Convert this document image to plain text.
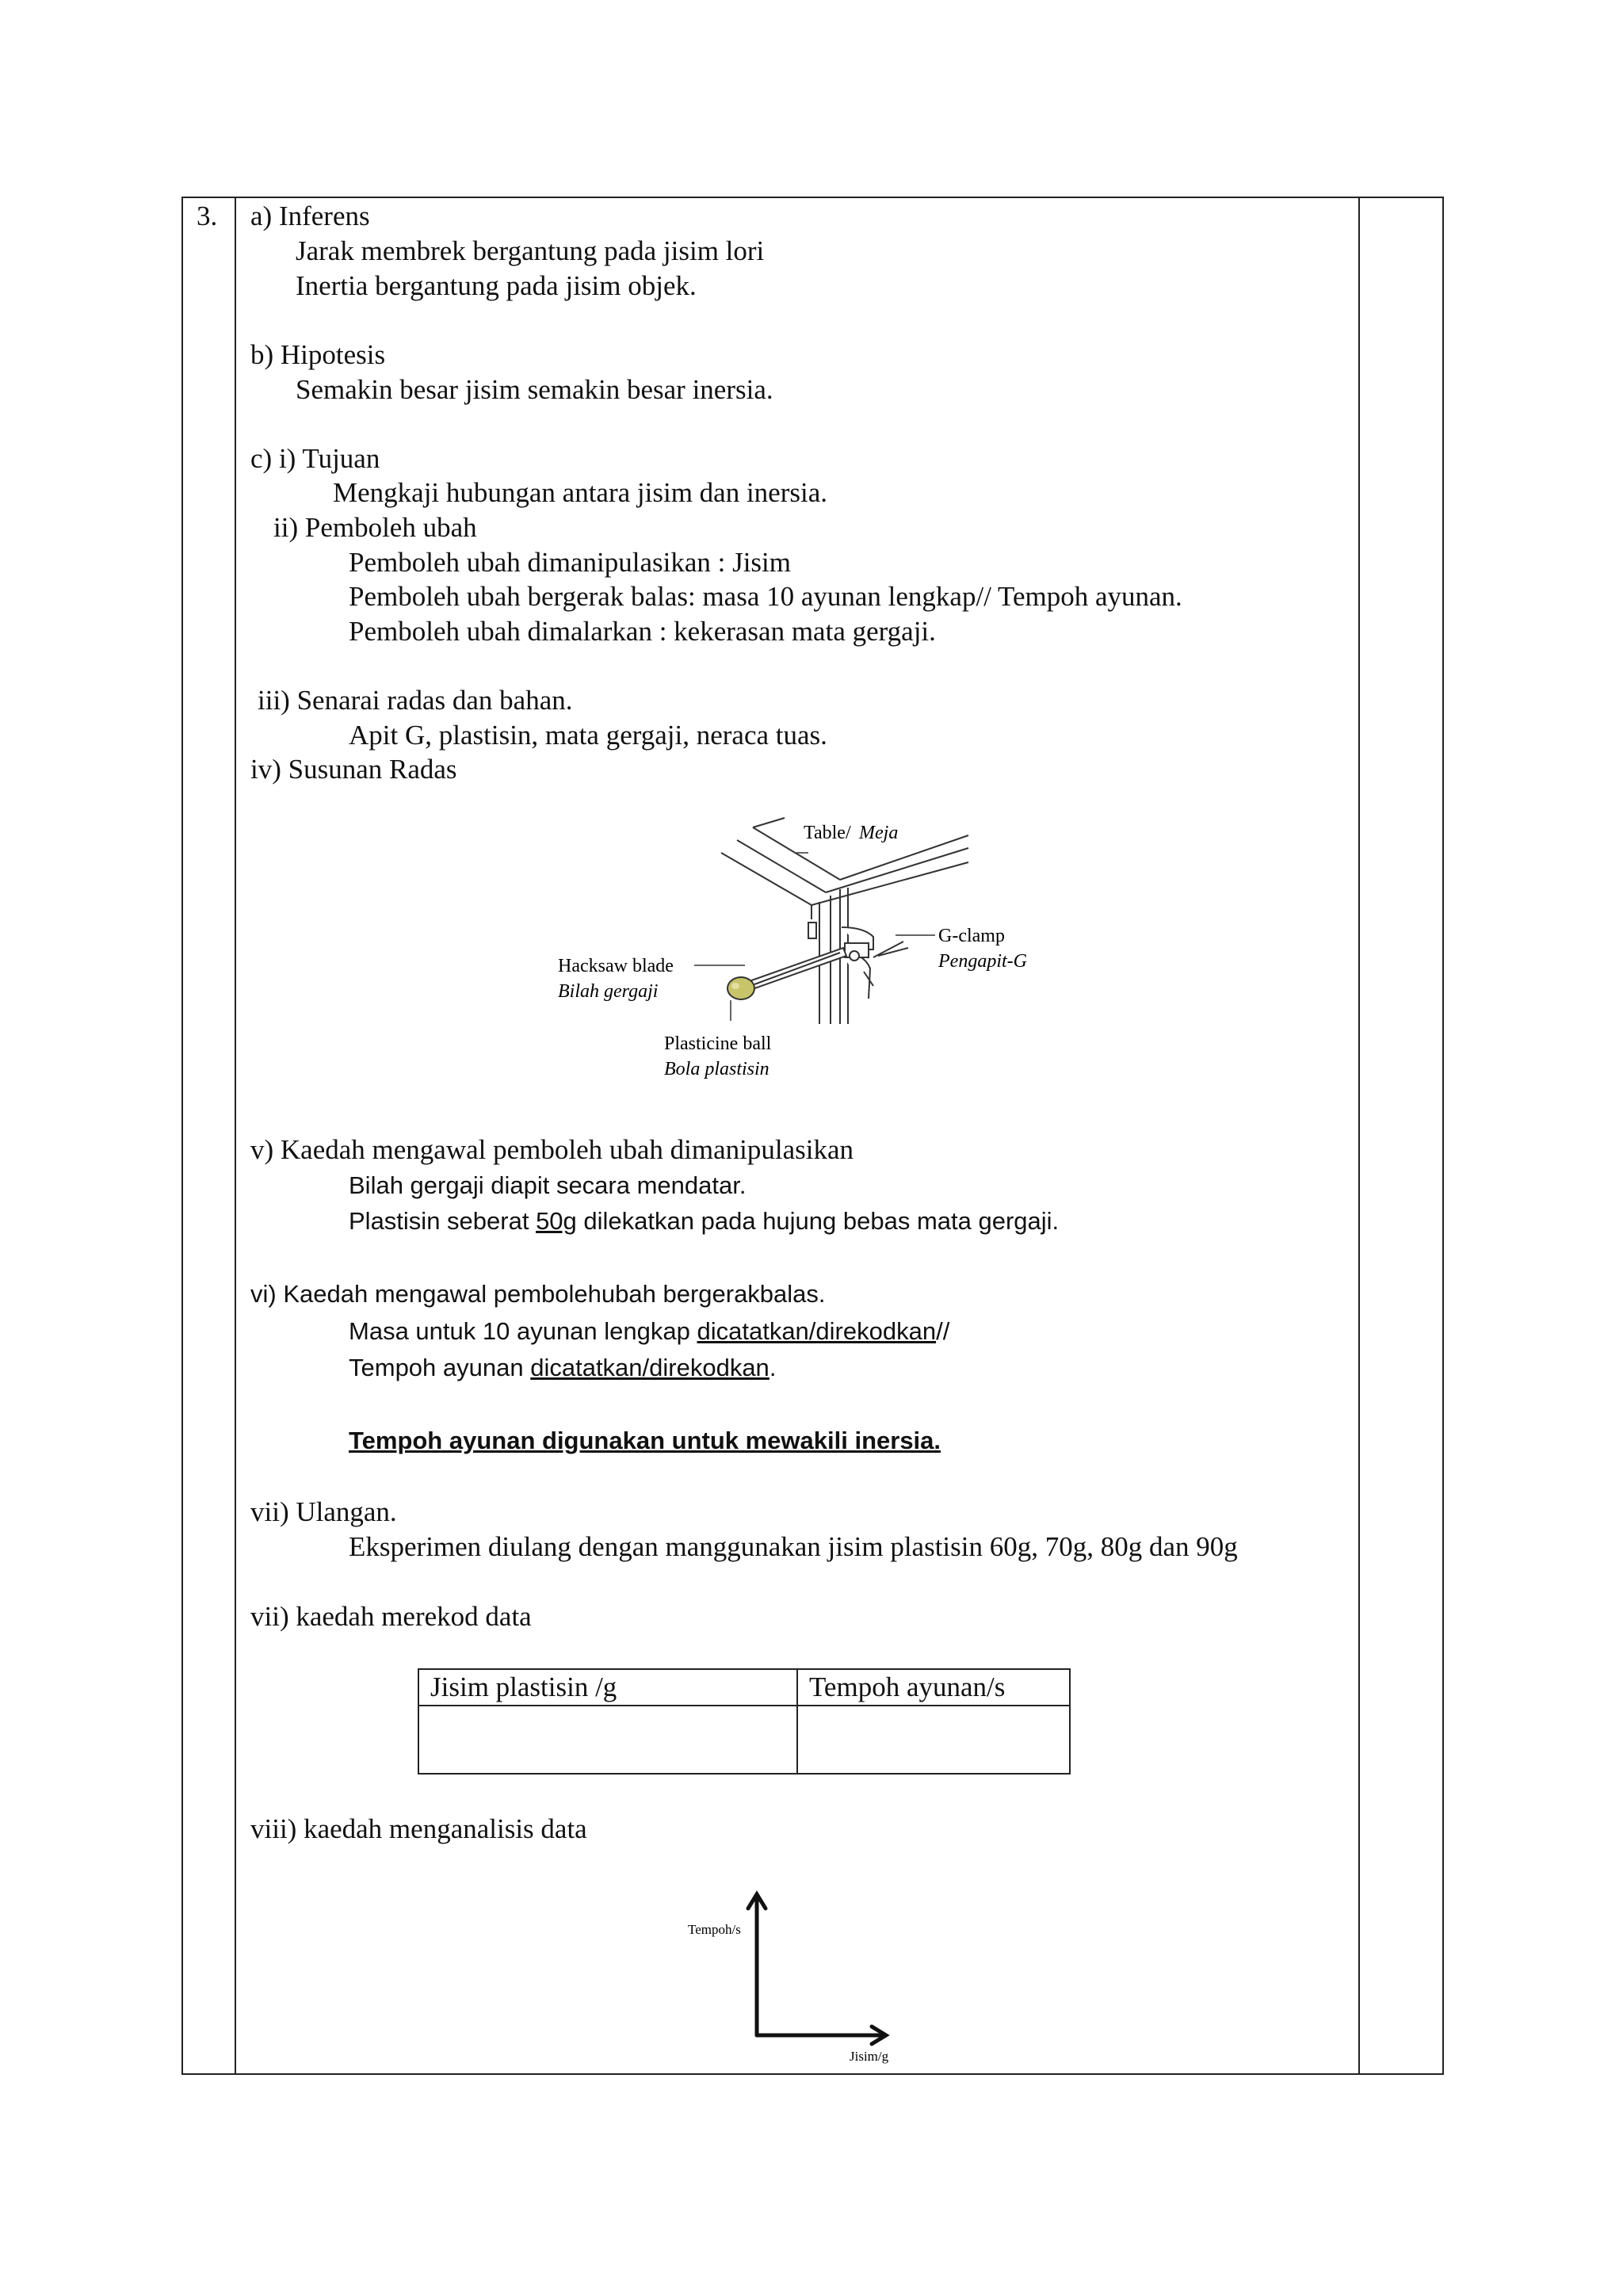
3. a) Inferens
Jarak membrek bergantung pada jisim lori
Inertia bergantung pada jisim objek.
b) Hipotesis
Semakin besar jisim semakin besar inersia.
c) i) Tujuan
Mengkaji hubungan antara jisim dan inersia.
ii) Pemboleh ubah
Pemboleh ubah dimanipulasikan : Jisim
Pemboleh ubah bergerak balas: masa 10 ayunan lengkap// Tempoh ayunan.
Pemboleh ubah dimalarkan : kekerasan mata gergaji.
iii) Senarai radas dan bahan.
Apit G, plastisin, mata gergaji, neraca tuas.
iv) Susunan Radas
Table/ Meja
G-clamp
Pengapit-G
Hacksaw blade
Bilah gergaji
Plasticine ball
Bola plastisin
v) Kaedah mengawal pemboleh ubah dimanipulasikan
Bilah gergaji diapit secara mendatar.
Plastisin seberat 50g dilekatkan pada hujung bebas mata gergaji.
vi) Kaedah mengawal pembolehubah bergerakbalas.
Masa untuk 10 ayunan lengkap dicatatkan/direkodkan//
Tempoh ayunan dicatatkan/direkodkan.
Tempoh ayunan digunakan untuk mewakili inersia.
vii) Ulangan.
Eksperimen diulang dengan manggunakan jisim plastisin 60g, 70g, 80g dan 90g
vii) kaedah merekod data
Jisim plastisin /g	Tempoh ayunan/s
viii) kaedah menganalisis data
Tempoh/s
Jisim/g
